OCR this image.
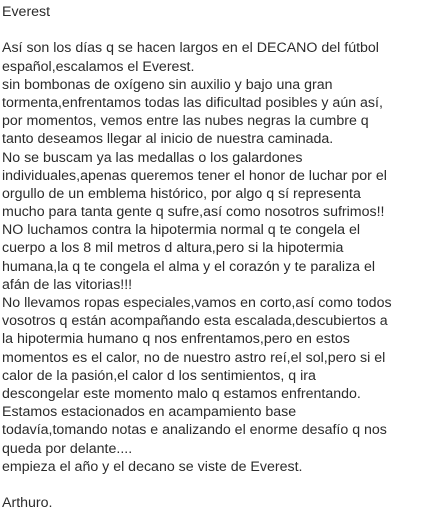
Everest
Así son los días q se hacen largos en el DECANO del fútbol
español,escalamos el Everest.
sin bombonas de oxígeno sin auxilio y bajo una gran
tormenta,enfrentamos todas las dificultad posibles y aún así,
por momentos, vemos entre las nubes negras la cumbre q
tanto deseamos llegar al inicio de nuestra caminada.
No se buscam ya las medallas o los galardones
individuales,apenas queremos tener el honor de luchar por el
orgullo de un emblema histórico, por algo q sí representa
mucho para tanta gente q sufre,así como nosotros sufrimos!!
NO luchamos contra la hipotermia normal q te congela el
cuerpo a los 8 mil metros d altura,pero si la hipotermia
humana,la q te congela el alma y el corazón y te paraliza el
afán de las vitorias!!!
No llevamos ropas especiales,vamos en corto,así como todos
vosotros q están acompañando esta escalada,descubiertos a
la hipotermia humano q nos enfrentamos,pero en estos
momentos es el calor, no de nuestro astro reí,el sol,pero si el
calor de la pasión,el calor d los sentimientos, q ira
descongelar este momento malo q estamos enfrentando.
Estamos estacionados en acampamiento base
todavía,tomando notas e analizando el enorme desafío q nos
queda por delante....
empieza el año y el decano se viste de Everest.
Arthuro.
